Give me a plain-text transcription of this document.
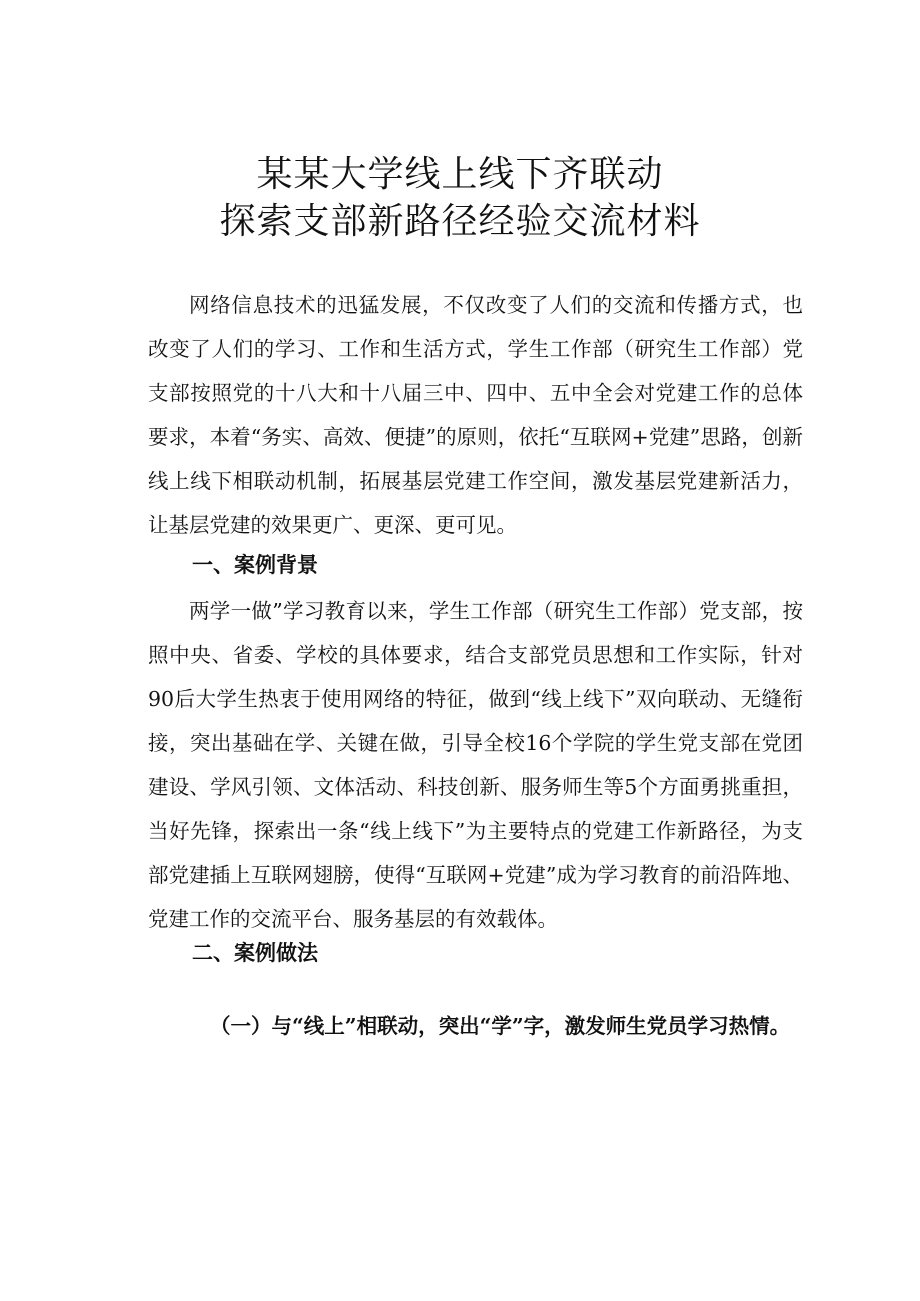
某某大学线上线下齐联动
探索支部新路径经验交流材料

网络信息技术的迅猛发展，不仅改变了人们的交流和传播方式，也改变了人们的学习、工作和生活方式，学生工作部（研究生工作部）党支部按照党的十八大和十八届三中、四中、五中全会对党建工作的总体要求，本着“务实、高效、便捷”的原则，依托“互联网+党建”思路，创新线上线下相联动机制，拓展基层党建工作空间，激发基层党建新活力，让基层党建的效果更广、更深、更可见。

一、案例背景

两学一做”学习教育以来，学生工作部（研究生工作部）党支部，按照中央、省委、学校的具体要求，结合支部党员思想和工作实际，针对90后大学生热衷于使用网络的特征，做到“线上线下”双向联动、无缝衔接，突出基础在学、关键在做，引导全校16个学院的学生党支部在党团建设、学风引领、文体活动、科技创新、服务师生等5个方面勇挑重担，当好先锋，探索出一条“线上线下”为主要特点的党建工作新路径，为支部党建插上互联网翅膀，使得“互联网+党建”成为学习教育的前沿阵地、党建工作的交流平台、服务基层的有效载体。

二、案例做法

（一）与“线上”相联动，突出“学”字，激发师生党员学习热情。
